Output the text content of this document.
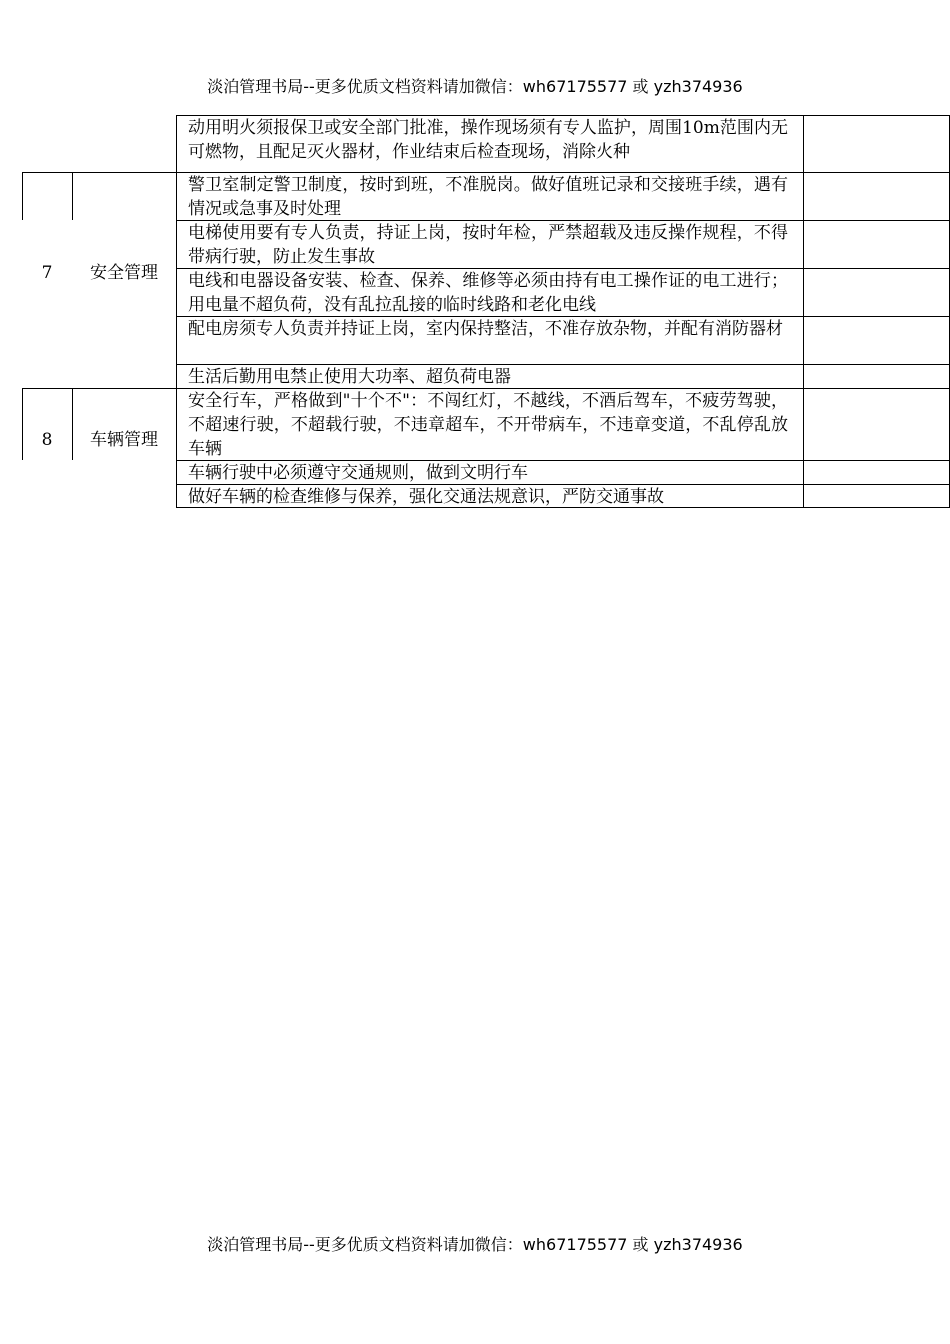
淡泊管理书局--更多优质文档资料请加微信：wh67175577 或 yzh374936
动用明火须报保卫或安全部门批准，操作现场须有专人监护，周围10m范围内无可燃物，且配足灭火器材，作业结束后检查现场，消除火种
警卫室制定警卫制度，按时到班，不准脱岗。做好值班记录和交接班手续，遇有情况或急事及时处理
电梯使用要有专人负责，持证上岗，按时年检，严禁超载及违反操作规程，不得带病行驶，防止发生事故
电线和电器设备安装、检查、保养、维修等必须由持有电工操作证的电工进行；用电量不超负荷，没有乱拉乱接的临时线路和老化电线
配电房须专人负责并持证上岗，室内保持整洁，不准存放杂物，并配有消防器材
生活后勤用电禁止使用大功率、超负荷电器
安全行车，严格做到"十个不"：不闯红灯，不越线，不酒后驾车，不疲劳驾驶，不超速行驶，不超载行驶，不违章超车，不开带病车，不违章变道，不乱停乱放车辆
车辆行驶中必须遵守交通规则，做到文明行车
做好车辆的检查维修与保养，强化交通法规意识，严防交通事故
7	安全管理
8	车辆管理
淡泊管理书局--更多优质文档资料请加微信：wh67175577 或 yzh374936
